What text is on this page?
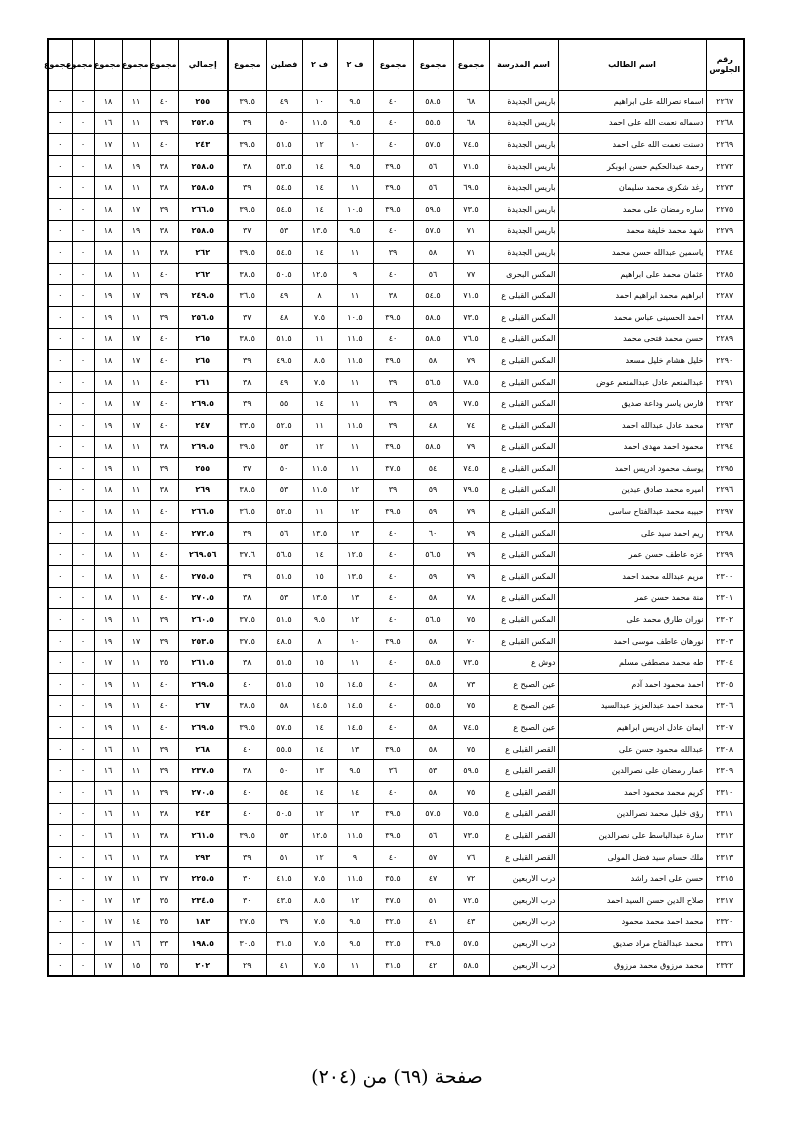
رقم الجلوس	اسم الطالب	اسم المدرسة	مجموع	مجموع	مجموع	ف ٢	ف ٢	فصلين	مجموع	إجمالي	مجموع	مجموع	مجموع	مجموع	مجموع
٢٢٦٧	اسماء نصرالله على ابراهيم	باريس الجديدة	٦٨	٥٨.٥	٤٠	٩.٥	١٠	٤٩	٣٩.٥	٢٥٥	٤٠	١١	١٨	٠	٠
٢٢٦٨	دسماله نعمت الله على احمد	باريس الجديدة	٦٨	٥٥.٥	٤٠	٩.٥	١١.٥	٥٠	٣٩	٢٥٢.٥	٣٩	١١	١٦	٠	٠
٢٢٦٩	دسنت نعمت الله على احمد	باريس الجديدة	٧٤.٥	٥٧.٥	٤٠	١٠	١٢	٥١.٥	٣٩.٥	٢٤٣	٤٠	١١	١٧	٠	٠
٢٢٧٢	رحمة عبدالحكيم حسن ابوبكر	باريس الجديدة	٧١.٥	٥٦	٣٩.٥	٩.٥	١٤	٥٣.٥	٣٨	٢٥٨.٥	٣٨	١٩	١٨	٠	٠
٢٢٧٣	رغد شكرى محمد سليمان	باريس الجديدة	٦٩.٥	٥٦	٣٩.٥	١١	١٤	٥٤.٥	٣٩	٢٥٨.٥	٣٨	١١	١٨	٠	٠
٢٢٧٥	ساره رمضان على محمد	باريس الجديدة	٧٣.٥	٥٩.٥	٣٩.٥	١٠.٥	١٤	٥٤.٥	٣٩.٥	٢٦٦.٥	٣٩	١٧	١٨	٠	٠
٢٢٧٩	شهد محمد خليفة محمد	باريس الجديدة	٧١	٥٧.٥	٤٠	٩.٥	١٣.٥	٥٣	٣٧	٢٥٨.٥	٣٨	١٩	١٨	٠	٠
٢٢٨٤	ياسمين عبدالله حسن محمد	باريس الجديدة	٧١	٥٨	٣٩	١١	١٤	٥٤.٥	٣٩.٥	٢٦٢	٣٨	١١	١٨	٠	٠
٢٢٨٥	عثمان محمد على ابراهيم	المكس البحرى	٧٧	٥٦	٤٠	٩	١٢.٥	٥٠.٥	٣٨.٥	٢٦٢	٤٠	١١	١٨	٠	٠
٢٢٨٧	ابراهيم محمد ابراهيم احمد	المكس القبلى ع	٧١.٥	٥٤.٥	٣٨	١١	٨	٤٩	٣٦.٥	٢٤٩.٥	٣٩	١٧	١٩	٠	٠
٢٢٨٨	احمد الحسينى عباس محمد	المكس القبلى ع	٧٣.٥	٥٨.٥	٣٩.٥	١٠.٥	٧.٥	٤٨	٣٧	٢٥٦.٥	٣٩	١١	١٩	٠	٠
٢٢٨٩	حسن محمد فتحى محمد	المكس القبلى ع	٧٦.٥	٥٨.٥	٤٠	١١.٥	١١	٥١.٥	٣٨.٥	٢٦٥	٤٠	١٧	١٨	٠	٠
٢٢٩٠	خليل هشام خليل مسعد	المكس القبلى ع	٧٩	٥٨	٣٩.٥	١١.٥	٨.٥	٤٩.٥	٣٩	٢٦٥	٤٠	١٧	١٨	٠	٠
٢٢٩١	عبدالمنعم عادل عبدالمنعم عوض	المكس القبلى ع	٧٨.٥	٥٦.٥	٣٩	١١	٧.٥	٤٩	٣٨	٢٦١	٤٠	١١	١٨	٠	٠
٢٢٩٢	فارس ياسر وداعة صديق	المكس القبلى ع	٧٧.٥	٥٩	٣٩	١١	١٤	٥٥	٣٩	٢٦٩.٥	٤٠	١٧	١٨	٠	٠
٢٢٩٣	محمد عادل عبدالله احمد	المكس القبلى ع	٧٤	٤٨	٣٩	١١.٥	١١	٥٢.٥	٣٣.٥	٢٤٧	٤٠	١٧	١٩	٠	٠
٢٢٩٤	محمود احمد مهدى احمد	المكس القبلى ع	٧٩	٥٨.٥	٣٩.٥	١١	١٢	٥٣	٣٩.٥	٢٦٩.٥	٣٨	١١	١٨	٠	٠
٢٢٩٥	يوسف محمود ادريس احمد	المكس القبلى ع	٧٤.٥	٥٤	٣٧.٥	١١	١١.٥	٥٠	٣٧	٢٥٥	٣٩	١١	١٩	٠	٠
٢٢٩٦	اميره محمد صادق عبدين	المكس القبلى ع	٧٩.٥	٥٩	٣٩	١٢	١١.٥	٥٣	٣٨.٥	٢٦٩	٣٨	١١	١٨	٠	٠
٢٢٩٧	حبيبه محمد عبدالفتاح ساسى	المكس القبلى ع	٧٩	٥٩	٣٩.٥	١٢	١١	٥٢.٥	٣٦.٥	٢٦٦.٥	٤٠	١١	١٨	٠	٠
٢٢٩٨	ريم احمد سيد على	المكس القبلى ع	٧٩	٦٠	٤٠	١٣	١٣.٥	٥٦	٣٩	٢٧٢.٥	٤٠	١١	١٨	٠	٠
٢٢٩٩	عزه عاطف حسن عمر	المكس القبلى ع	٧٩	٥٦.٥	٤٠	١٢.٥	١٤	٥٦.٥	٣٧.٦	٢٦٩.٥٦	٤٠	١١	١٨	٠	٠
٢٣٠٠	مريم عبدالله محمد احمد	المكس القبلى ع	٧٩	٥٩	٤٠	١٣.٥	١٥	٥١.٥	٣٩	٢٧٥.٥	٤٠	١١	١٨	٠	٠
٢٣٠١	منة محمد حسن عمر	المكس القبلى ع	٧٨	٥٨	٤٠	١٣	١٣.٥	٥٣	٣٨	٢٧٠.٥	٤٠	١١	١٨	٠	٠
٢٣٠٢	نوران طارق محمد على	المكس القبلى ع	٧٥	٥٦.٥	٤٠	١٢	٩.٥	٥١.٥	٣٧.٥	٢٦٠.٥	٣٩	١١	١٩	٠	٠
٢٣٠٣	نورهان عاطف موسى احمد	المكس القبلى ع	٧٠	٥٨	٣٩.٥	١٠	٨	٤٨.٥	٣٧.٥	٢٥٣.٥	٣٩	١٧	١٩	٠	٠
٢٣٠٤	طه محمد مصطفى مسلم	دوش ع	٧٣.٥	٥٨.٥	٤٠	١١	١٥	٥١.٥	٣٨	٢٦١.٥	٣٥	١١	١٧	٠	٠
٢٣٠٥	احمد محمود احمد آدم	عين الصبح ع	٧٣	٥٨	٤٠	١٤.٥	١٥	٥١.٥	٤٠	٢٦٩.٥	٤٠	١١	١٩	٠	٠
٢٣٠٦	محمد احمد عبدالعزيز عبدالسيد	عين الصبح ع	٧٥	٥٥.٥	٤٠	١٤.٥	١٤.٥	٥٨	٣٨.٥	٢٦٧	٤٠	١١	١٩	٠	٠
٢٣٠٧	ايمان عادل ادريس ابراهيم	عين الصبح ع	٧٤.٥	٥٨	٤٠	١٤.٥	١٤	٥٧.٥	٣٩.٥	٢٦٩.٥	٤٠	١١	١٩	٠	٠
٢٣٠٨	عبدالله محمود حسن على	القصر القبلى ع	٧٥	٥٨	٣٩.٥	١٣	١٤	٥٥.٥	٤٠	٢٦٨	٣٩	١١	١٦	٠	٠
٢٣٠٩	عمار رمضان على نصرالدين	القصر القبلى ع	٥٩.٥	٥٣	٣٦	٩.٥	١٣	٥٠	٣٨	٢٣٧.٥	٣٩	١١	١٦	٠	٠
٢٣١٠	كريم محمد محمود احمد	القصر القبلى ع	٧٥	٥٨	٤٠	١٤	١٤	٥٤	٤٠	٢٧٠.٥	٣٩	١١	١٦	٠	٠
٢٣١١	رؤى خليل محمد نصرالدين	القصر القبلى ع	٧٥.٥	٥٧.٥	٣٩.٥	١٣	١٢	٥٠.٥	٤٠	٢٤٣	٣٨	١١	١٦	٠	٠
٢٣١٢	سارة عبدالباسط على نصرالدين	القصر القبلى ع	٧٣.٥	٥٦	٣٩.٥	١١.٥	١٢.٥	٥٣	٣٩.٥	٢٦١.٥	٣٨	١١	١٦	٠	٠
٢٣١٣	ملك حسام سيد فضل المولى	القصر القبلى ع	٧٦	٥٧	٤٠	٩	١٢	٥١	٣٩	٢٩٣	٣٨	١١	١٦	٠	٠
٢٣١٥	حسن على احمد راشد	درب الاربعين	٧٢	٤٧	٣٥.٥	١١.٥	٧.٥	٤١.٥	٣٠	٢٢٥.٥	٣٧	١١	١٧	٠	٠
٢٣١٧	صلاح الدين حسن السيد احمد	درب الاربعين	٧٢.٥	٥١	٣٧.٥	١٢	٨.٥	٤٣.٥	٣٠	٢٣٤.٥	٣٥	١٣	١٧	٠	٠
٢٣٢٠	محمد احمد محمد محمود	درب الاربعين	٤٣	٤١	٣٢.٥	٩.٥	٧.٥	٣٩	٢٧.٥	١٨٣	٣٥	١٤	١٧	٠	٠
٢٣٢١	محمد عبدالفتاح مراد صديق	درب الاربعين	٥٧.٥	٣٩.٥	٣٢.٥	٩.٥	٧.٥	٣١.٥	٣٠.٥	١٩٨.٥	٣٣	١٦	١٧	٠	٠
٢٣٢٢	محمد مرزوق محمد مرزوق	درب الاربعين	٥٨.٥	٤٢	٣١.٥	١١	٧.٥	٤١	٢٩	٢٠٢	٣٥	١٥	١٧	٠	٠
صفحة (٦٩) من (٢٠٤)
